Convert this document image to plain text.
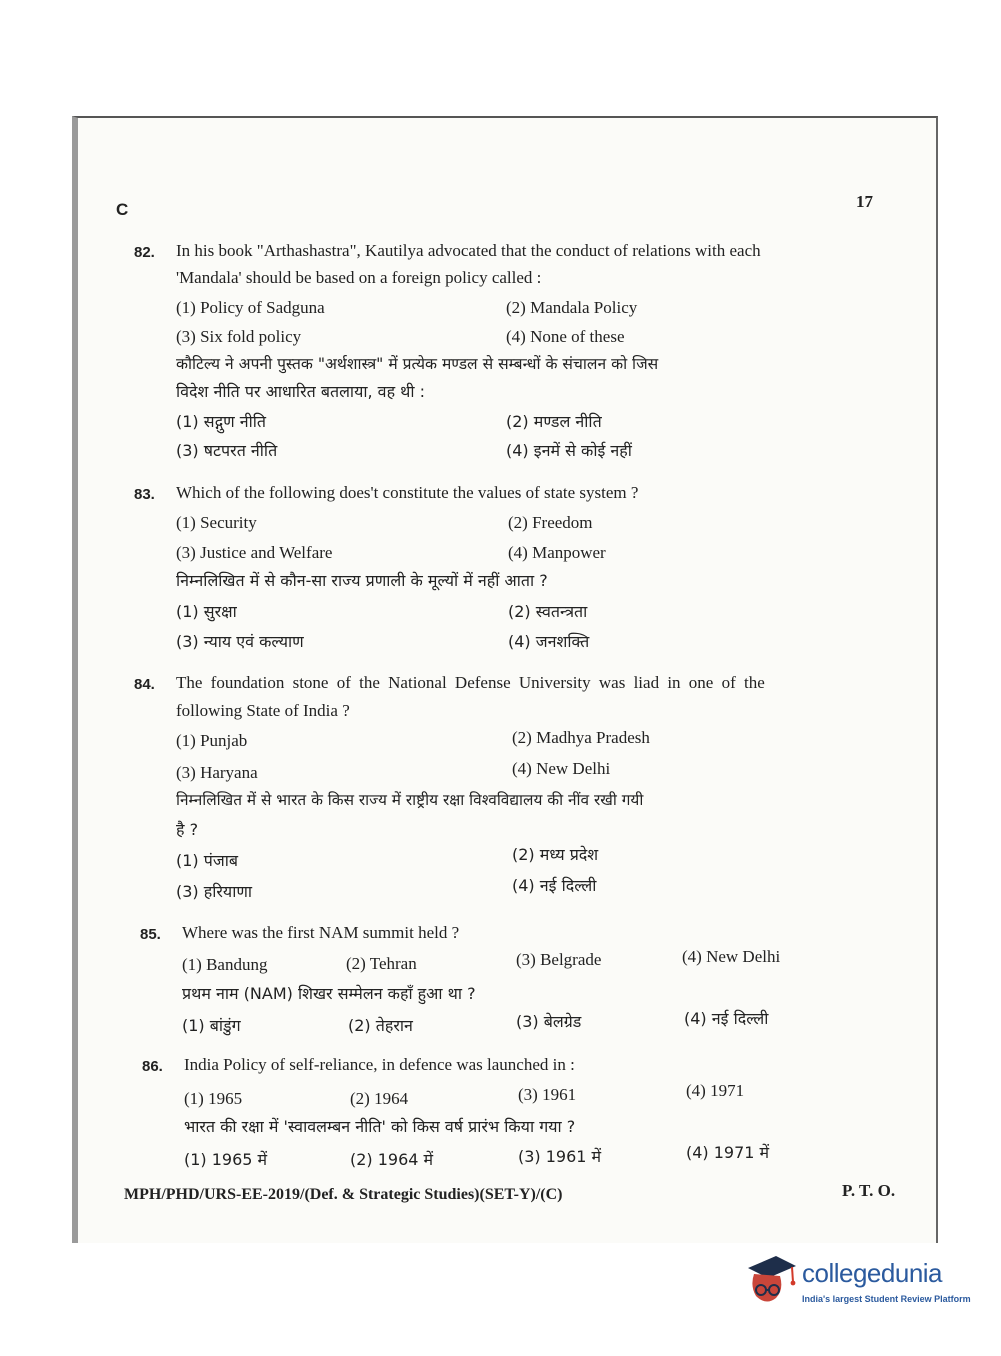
C	17
82. In his book "Arthashastra", Kautilya advocated that the conduct of relations with each
'Mandala' should be based on a foreign policy called :
(1) Policy of Sadguna	(2) Mandala Policy
(3) Six fold policy	(4) None of these
कौटिल्य ने अपनी पुस्तक "अर्थशास्त्र" में प्रत्येक मण्डल से सम्बन्धों के संचालन को जिस
विदेश नीति पर आधारित बतलाया, वह थी :
(1) सद्गुण नीति	(2) मण्डल नीति
(3) षटपरत नीति	(4) इनमें से कोई नहीं
83. Which of the following does't constitute the values of state system ?
(1) Security	(2) Freedom
(3) Justice and Welfare	(4) Manpower
निम्नलिखित में से कौन-सा राज्य प्रणाली के मूल्यों में नहीं आता ?
(1) सुरक्षा	(2) स्वतन्त्रता
(3) न्याय एवं कल्याण	(4) जनशक्ति
84. The foundation stone of the National Defense University was liad in one of the
following State of India ?
(1) Punjab	(2) Madhya Pradesh
(3) Haryana	(4) New Delhi
निम्नलिखित में से भारत के किस राज्य में राष्ट्रीय रक्षा विश्वविद्यालय की नींव रखी गयी
है ?
(1) पंजाब	(2) मध्य प्रदेश
(3) हरियाणा	(4) नई दिल्ली
85. Where was the first NAM summit held ?
(1) Bandung	(2) Tehran	(3) Belgrade	(4) New Delhi
प्रथम नाम (NAM) शिखर सम्मेलन कहाँ हुआ था ?
(1) बांडुंग	(2) तेहरान	(3) बेलग्रेड	(4) नई दिल्ली
86. India Policy of self-reliance, in defence was launched in :
(1) 1965	(2) 1964	(3) 1961	(4) 1971
भारत की रक्षा में 'स्वावलम्बन नीति' को किस वर्ष प्रारंभ किया गया ?
(1) 1965 में	(2) 1964 में	(3) 1961 में	(4) 1971 में
MPH/PHD/URS-EE-2019/(Def. & Strategic Studies)(SET-Y)/(C)	P. T. O.
collegedunia
India's largest Student Review Platform
